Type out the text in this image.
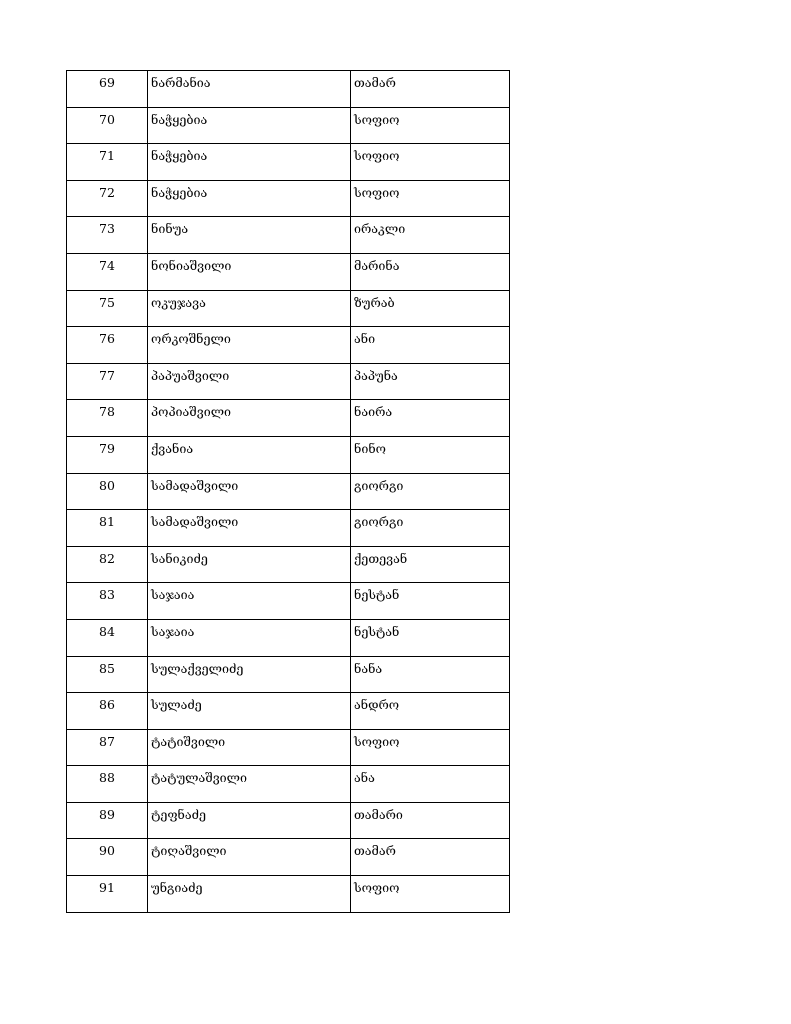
69	ნარმანია	თამარ
70	ნაჭყებია	სოფიო
71	ნაჭყებია	სოფიო
72	ნაჭყებია	სოფიო
73	ნინუა	ირაკლი
74	ნონიაშვილი	მარინა
75	ოკუჯავა	ზურაბ
76	ორკოშნელი	ანი
77	პაპუაშვილი	პაპუნა
78	პოპიაშვილი	ნაირა
79	ქვანია	ნინო
80	სამადაშვილი	გიორგი
81	სამადაშვილი	გიორგი
82	სანიკიძე	ქეთევან
83	საჯაია	ნესტან
84	საჯაია	ნესტან
85	სულაქველიძე	ნანა
86	სულაძე	ანდრო
87	ტატიშვილი	სოფიო
88	ტატულაშვილი	ანა
89	ტეფნაძე	თამარი
90	ტიღაშვილი	თამარ
91	უნგიაძე	სოფიო
